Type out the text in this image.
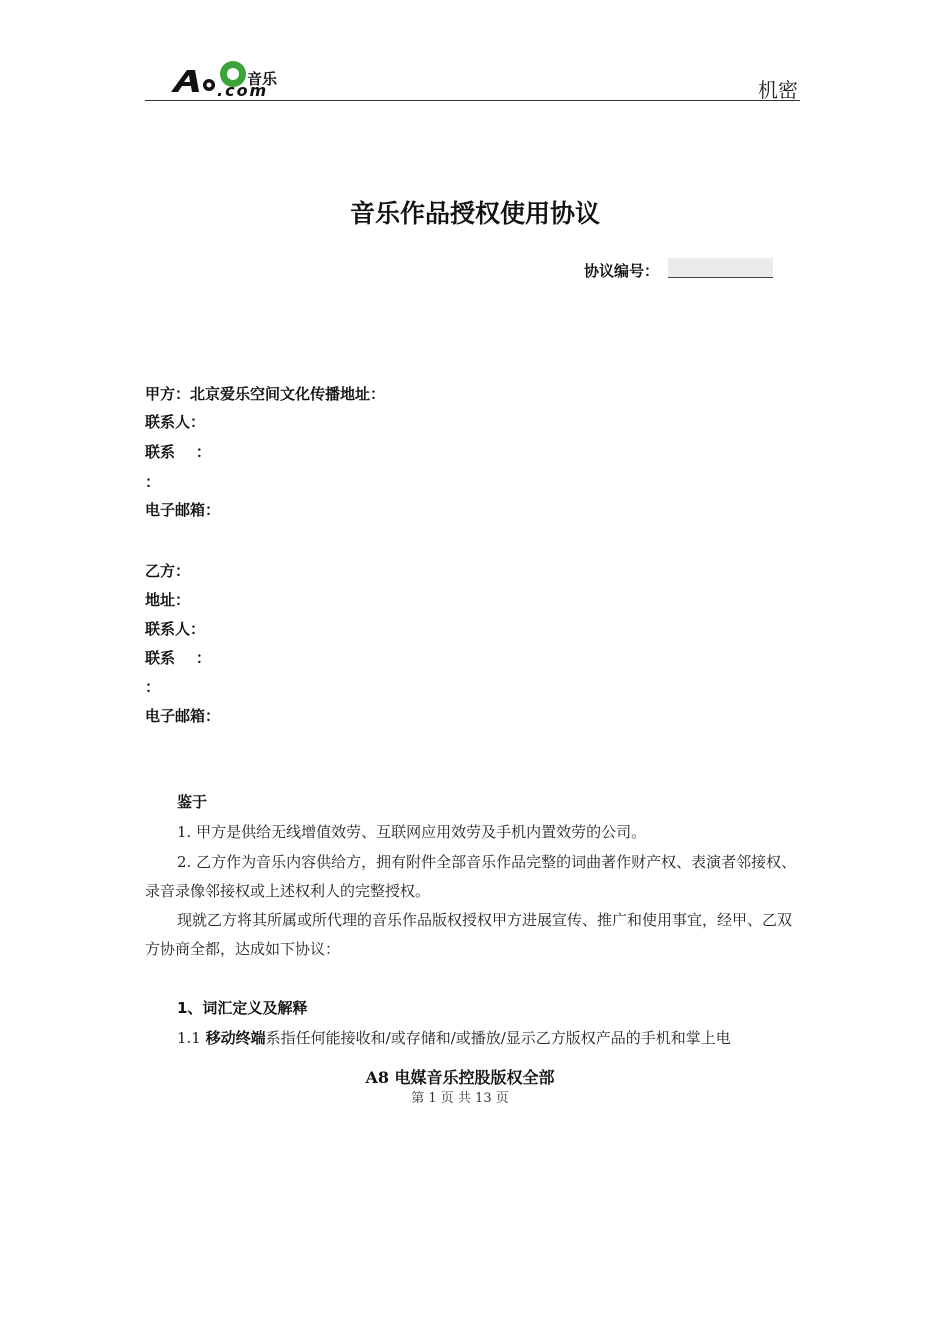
音乐
.com	机密
音乐作品授权使用协议
协议编号：
甲方：北京爱乐空间文化传播地址：
联系人：
联系    ：
：
电子邮箱：
乙方：
地址：
联系人：
联系    ：
：
电子邮箱：
鉴于
1. 甲方是供给无线增值效劳、互联网应用效劳及手机内置效劳的公司。
2. 乙方作为音乐内容供给方，拥有附件全部音乐作品完整的词曲著作财产权、表演者邻接权、录音录像邻接权或上述权利人的完整授权。
现就乙方将其所属或所代理的音乐作品版权授权甲方进展宣传、推广和使用事宜，经甲、乙双方协商全都，达成如下协议：
1、词汇定义及解释
1.1 移动终端系指任何能接收和/或存储和/或播放/显示乙方版权产品的手机和掌上电
A8 电媒音乐控股版权全部
第 1 页 共 13 页
